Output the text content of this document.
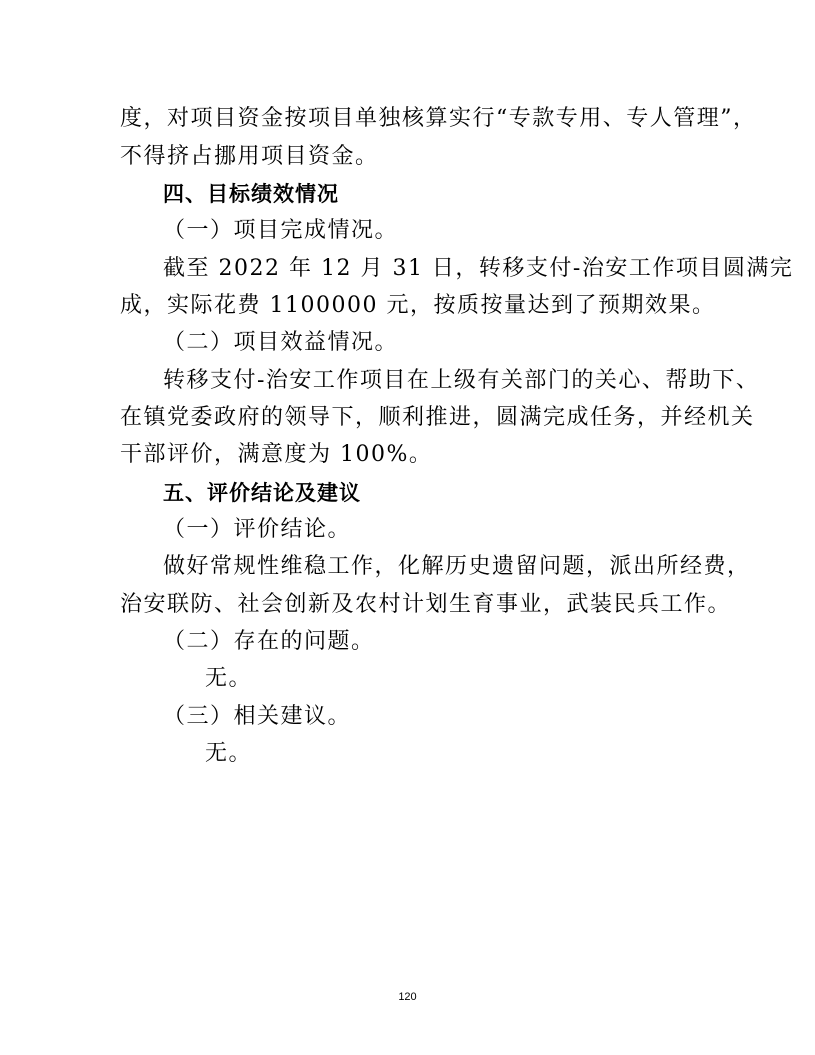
度，对项目资金按项目单独核算实行“专款专用、专人管理”，
不得挤占挪用项目资金。
四、目标绩效情况
（一）项目完成情况。
截至 2022 年 12 月 31 日，转移支付-治安工作项目圆满完
成，实际花费 1100000 元，按质按量达到了预期效果。
（二）项目效益情况。
转移支付-治安工作项目在上级有关部门的关心、帮助下、
在镇党委政府的领导下，顺利推进，圆满完成任务，并经机关
干部评价，满意度为 100%。
五、评价结论及建议
（一）评价结论。
做好常规性维稳工作，化解历史遗留问题，派出所经费，
治安联防、社会创新及农村计划生育事业，武装民兵工作。
（二）存在的问题。
无。
（三）相关建议。
无。
120
